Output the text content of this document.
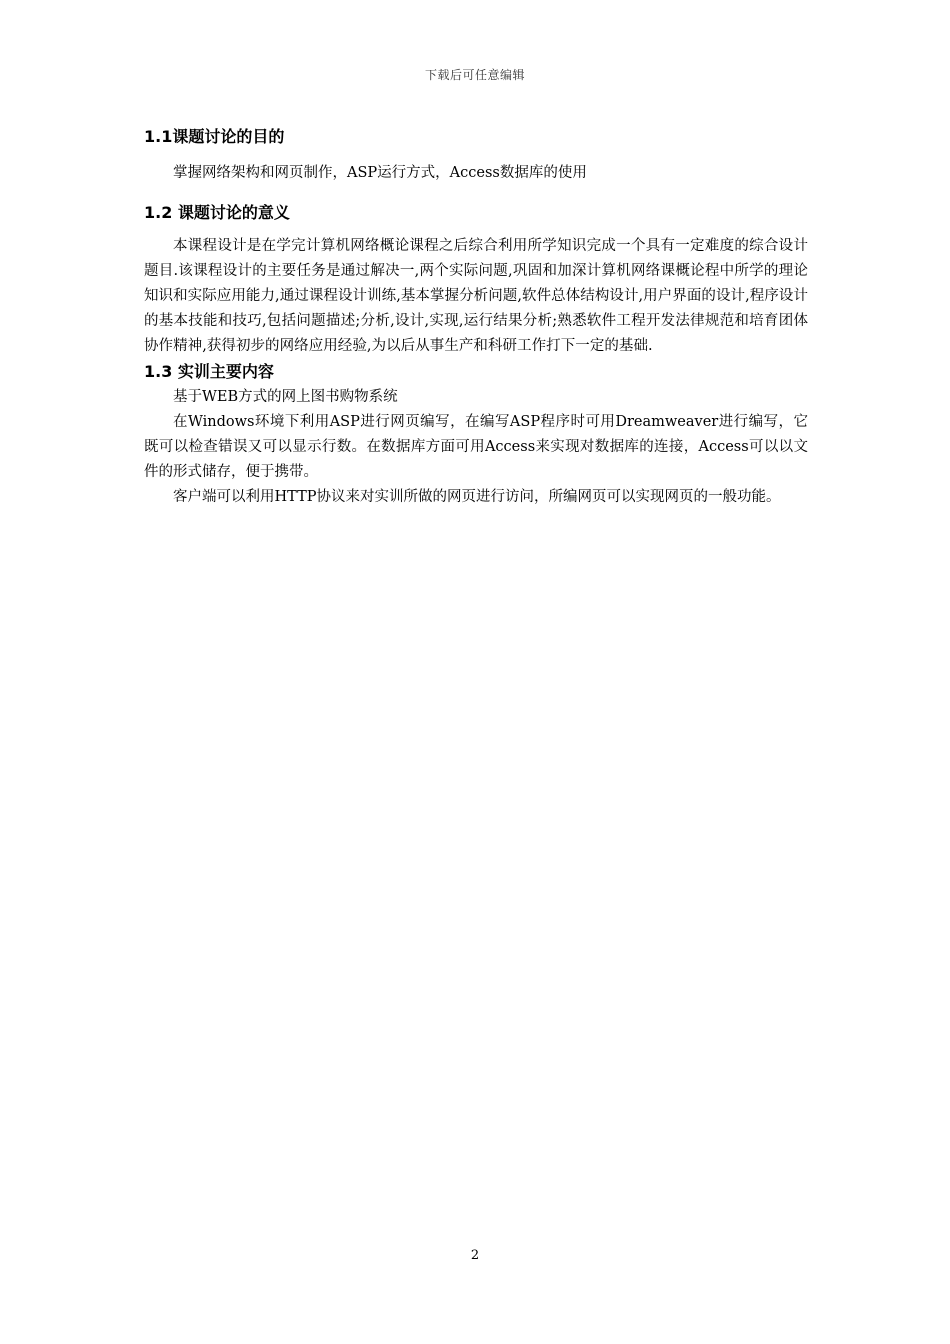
下载后可任意编辑
1.1课题讨论的目的

掌握网络架构和网页制作，ASP运行方式，Access数据库的使用

1.2 课题讨论的意义

本课程设计是在学完计算机网络概论课程之后综合利用所学知识完成一个具有一定难度的综合设计题目.该课程设计的主要任务是通过解决一,两个实际问题,巩固和加深计算机网络课概论程中所学的理论知识和实际应用能力,通过课程设计训练,基本掌握分析问题,软件总体结构设计,用户界面的设计,程序设计的基本技能和技巧,包括问题描述;分析,设计,实现,运行结果分析;熟悉软件工程开发法律规范和培育团体协作精神,获得初步的网络应用经验,为以后从事生产和科研工作打下一定的基础.

1.3 实训主要内容

基于WEB方式的网上图书购物系统

在Windows环境下利用ASP进行网页编写，在编写ASP程序时可用Dreamweaver进行编写，它既可以检查错误又可以显示行数。在数据库方面可用Access来实现对数据库的连接，Access可以以文件的形式储存，便于携带。

客户端可以利用HTTP协议来对实训所做的网页进行访问，所编网页可以实现网页的一般功能。

2
